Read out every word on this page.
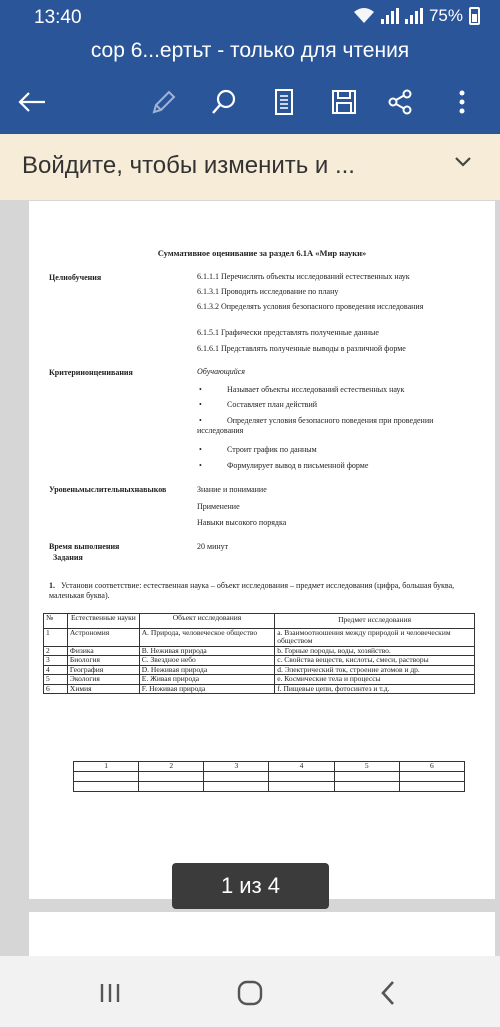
13:40	75%
сор 6...ертьт - только для чтения
Войдите, чтобы изменить и ...
Суммативное оценивание за раздел 6.1А «Мир науки»
Целиобучения	6.1.1.1 Перечислять объекты исследований естественных наук
6.1.3.1 Проводить исследование по плану
6.1.3.2 Определять условия безопасного проведения исследования
6.1.5.1 Графически представлять полученные данные
6.1.6.1 Представлять полученные выводы в различной форме
Критериионценивания	Обучающийся
•	Называет объекты исследований естественных наук
•	Составляет план действий
•	Определяет условия безопасного поведения при проведении исследования
•	Строит график по данным
•	Формулирует вывод в письменной форме
Уровеньмыслительныхнавыков	Знание и понимание
Применение
Навыки высокого порядка
Время выполнения
Задания
20 минут
1. Установи соответствие: естественная наука – объект исследования – предмет исследования (цифра, большая буква, маленькая буква).
№	Естественные науки	Объект исследования	Предмет исследования
1	Астрономия	А. Природа, человеческое общество	a. Взаимоотношения между природой и человеческим обществом
2	Физика	B. Неживая природа	b. Горные породы, воды, хозяйство.
3	Биология	C. Звездное небо	c. Свойства веществ, кислоты, смеси, растворы
4	География	D. Неживая природа	d. Электрический ток, строение атомов и др.
5	Экология	E. Живая природа	e. Космические тела и процессы
6	Химия	F. Неживая природа	f. Пищевые цепи, фотосинтез и т.д.
1	2	3	4	5	6

1 из 4
